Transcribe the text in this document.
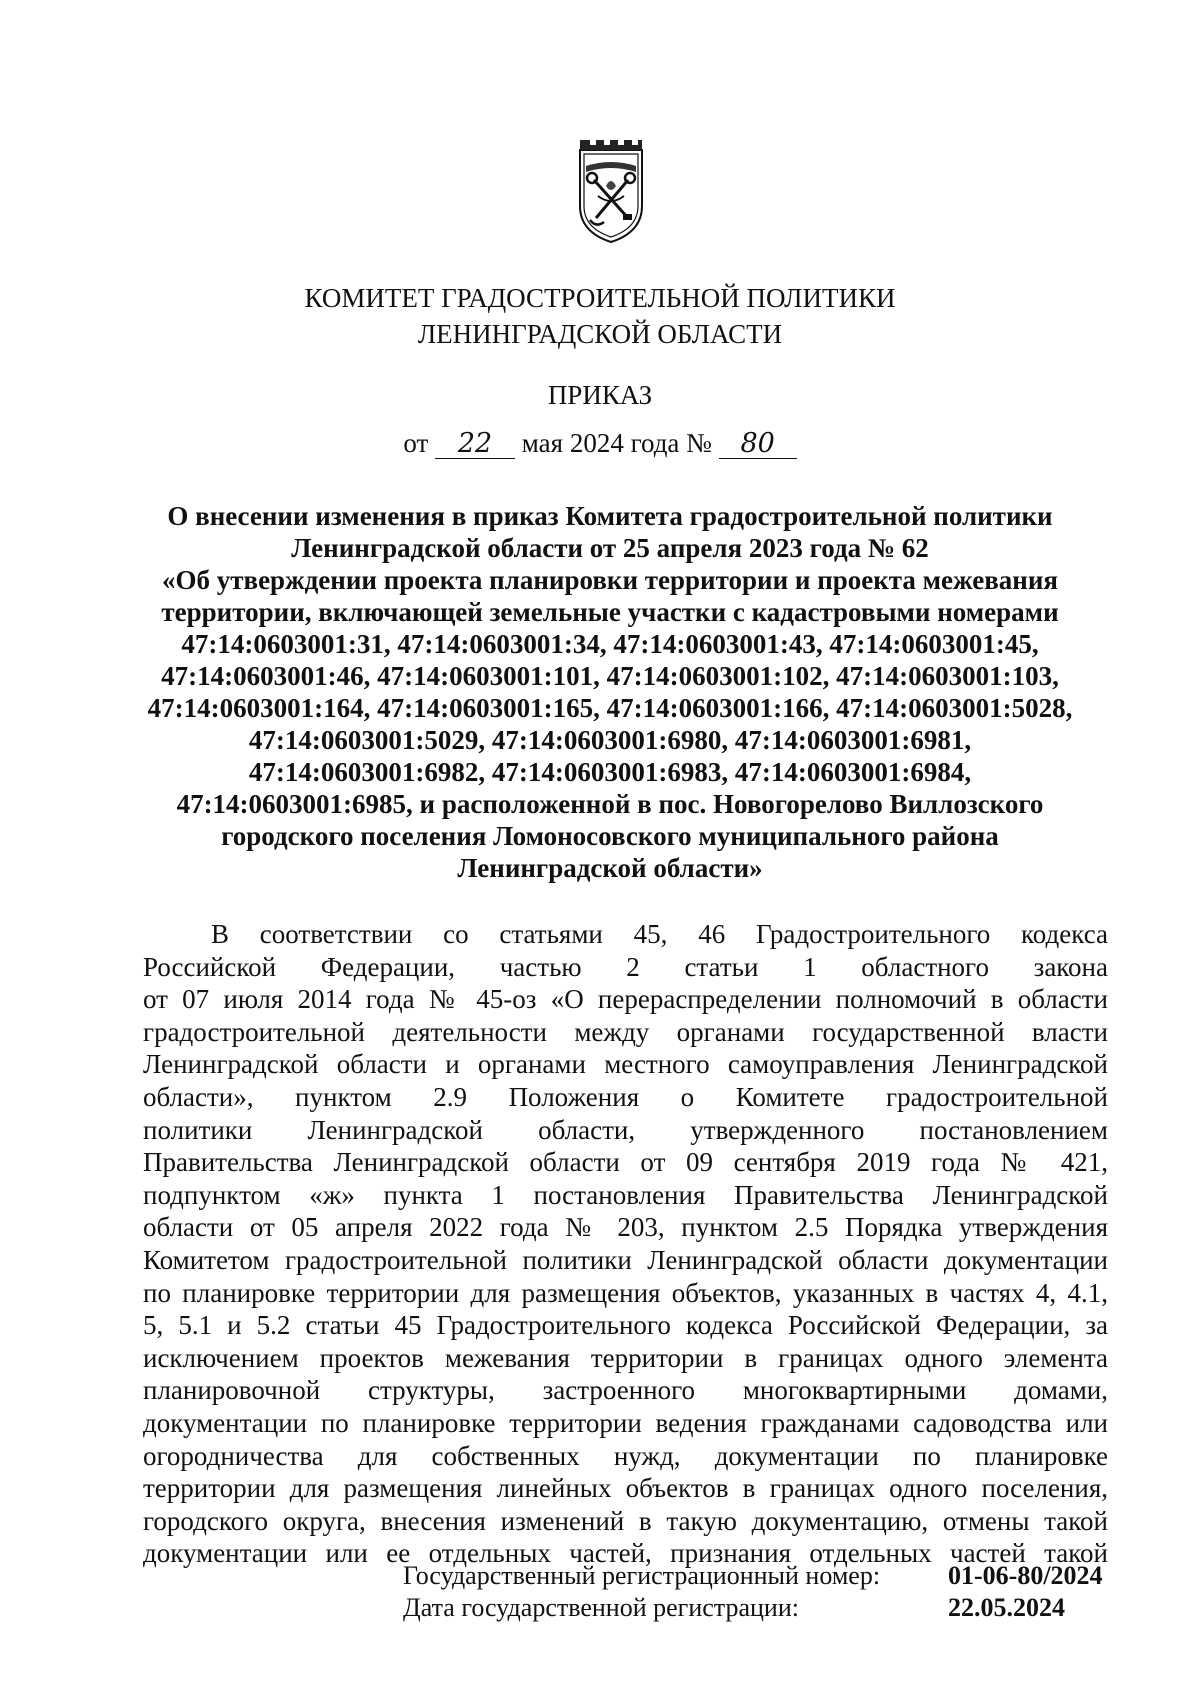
КОМИТЕТ ГРАДОСТРОИТЕЛЬНОЙ ПОЛИТИКИ
ЛЕНИНГРАДСКОЙ ОБЛАСТИ
ПРИКАЗ
от 22 мая 2024 года № 80
О внесении изменения в приказ Комитета градостроительной политики
Ленинградской области от 25 апреля 2023 года № 62
«Об утверждении проекта планировки территории и проекта межевания
территории, включающей земельные участки с кадастровыми номерами
47:14:0603001:31, 47:14:0603001:34, 47:14:0603001:43, 47:14:0603001:45,
47:14:0603001:46, 47:14:0603001:101, 47:14:0603001:102, 47:14:0603001:103,
47:14:0603001:164, 47:14:0603001:165, 47:14:0603001:166, 47:14:0603001:5028,
47:14:0603001:5029, 47:14:0603001:6980, 47:14:0603001:6981,
47:14:0603001:6982, 47:14:0603001:6983, 47:14:0603001:6984,
47:14:0603001:6985, и расположенной в пос. Новогорелово Виллозского
городского поселения Ломоносовского муниципального района
Ленинградской области»
В соответствии со статьями 45, 46 Градостроительного кодекса
Российской Федерации, частью 2 статьи 1 областного закона
от 07 июля 2014 года № 45-оз «О перераспределении полномочий в области
градостроительной деятельности между органами государственной власти
Ленинградской области и органами местного самоуправления Ленинградской
области», пунктом 2.9 Положения о Комитете градостроительной
политики Ленинградской области, утвержденного постановлением
Правительства Ленинградской области от 09 сентября 2019 года № 421,
подпунктом «ж» пункта 1 постановления Правительства Ленинградской
области от 05 апреля 2022 года № 203, пунктом 2.5 Порядка утверждения
Комитетом градостроительной политики Ленинградской области документации
по планировке территории для размещения объектов, указанных в частях 4, 4.1,
5, 5.1 и 5.2 статьи 45 Градостроительного кодекса Российской Федерации, за
исключением проектов межевания территории в границах одного элемента
планировочной структуры, застроенного многоквартирными домами,
документации по планировке территории ведения гражданами садоводства или
огородничества для собственных нужд, документации по планировке
территории для размещения линейных объектов в границах одного поселения,
городского округа, внесения изменений в такую документацию, отмены такой
документации или ее отдельных частей, признания отдельных частей такой
Государственный регистрационный номер:	01-06-80/2024
Дата государственной регистрации:	22.05.2024
